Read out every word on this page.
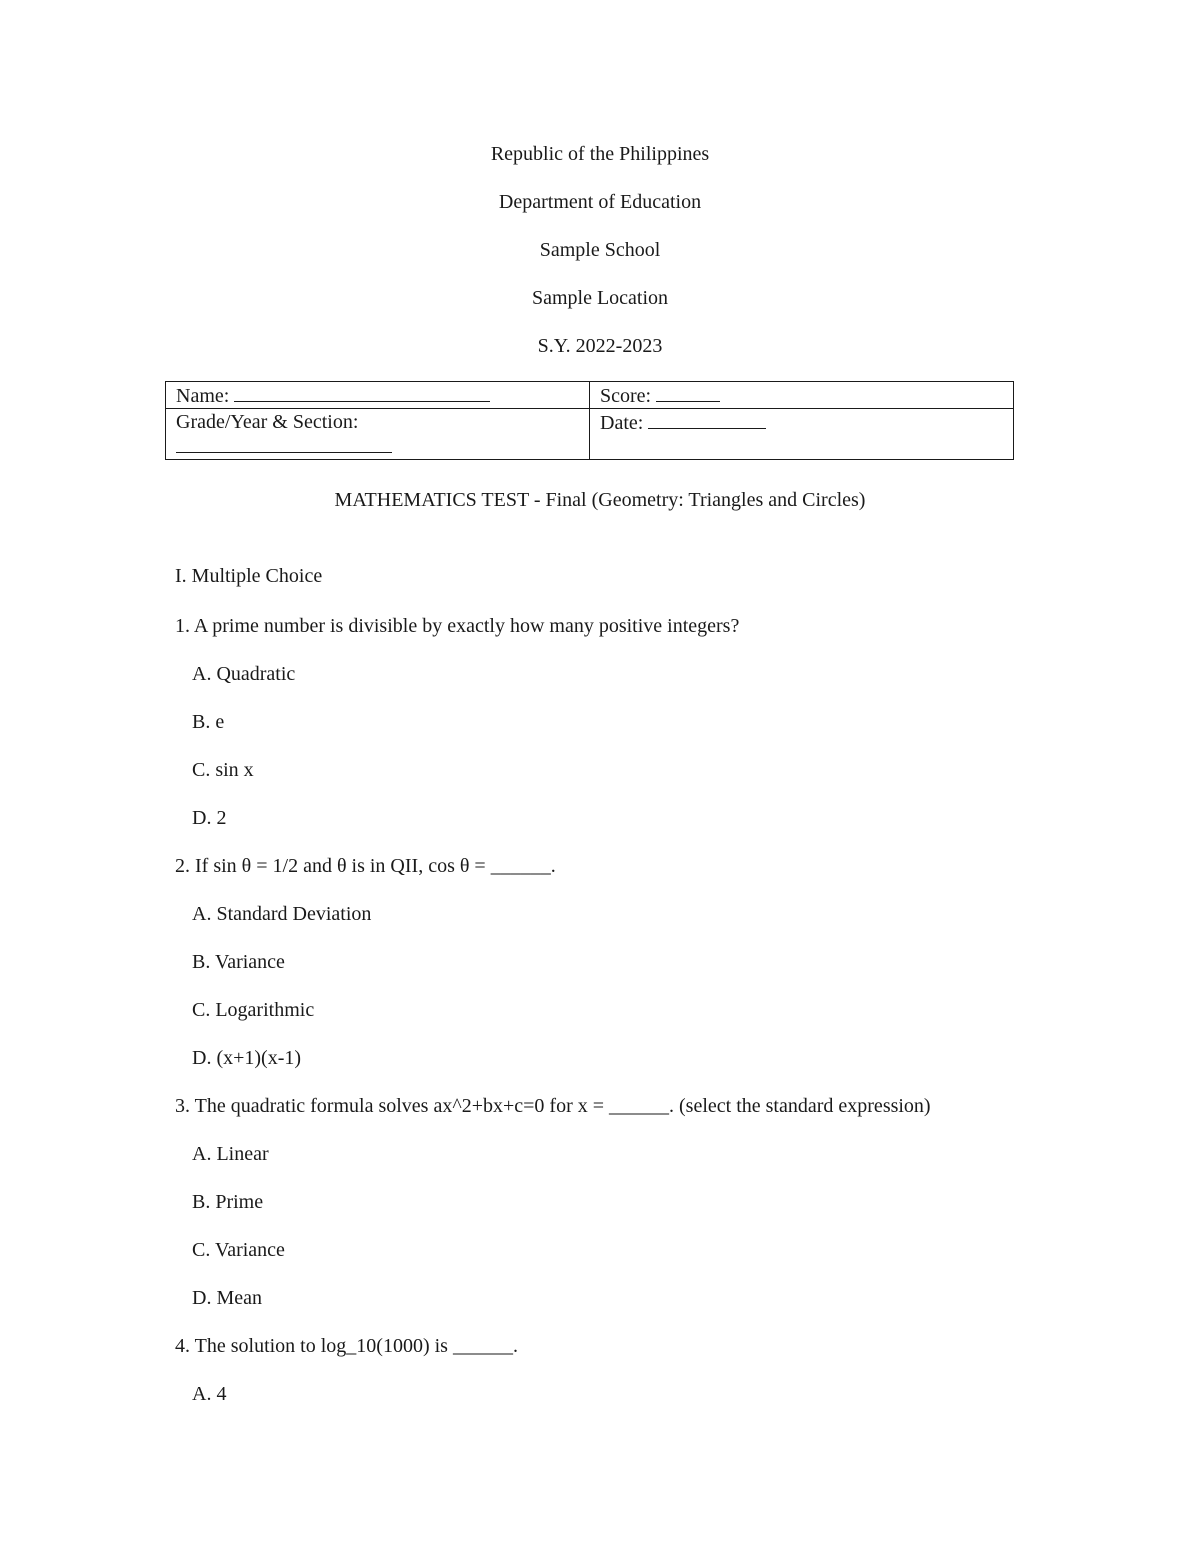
Republic of the Philippines

Department of Education

Sample School

Sample Location

S.Y. 2022-2023

Name:	Score:
Grade/Year & Section:	Date:

MATHEMATICS TEST - Final (Geometry: Triangles and Circles)

I. Multiple Choice

1. A prime number is divisible by exactly how many positive integers?

A. Quadratic

B. e

C. sin x

D. 2

2. If sin θ = 1/2 and θ is in QII, cos θ = ______.

A. Standard Deviation

B. Variance

C. Logarithmic

D. (x+1)(x-1)

3. The quadratic formula solves ax^2+bx+c=0 for x = ______. (select the standard expression)

A. Linear

B. Prime

C. Variance

D. Mean

4. The solution to log_10(1000) is ______.

A. 4
